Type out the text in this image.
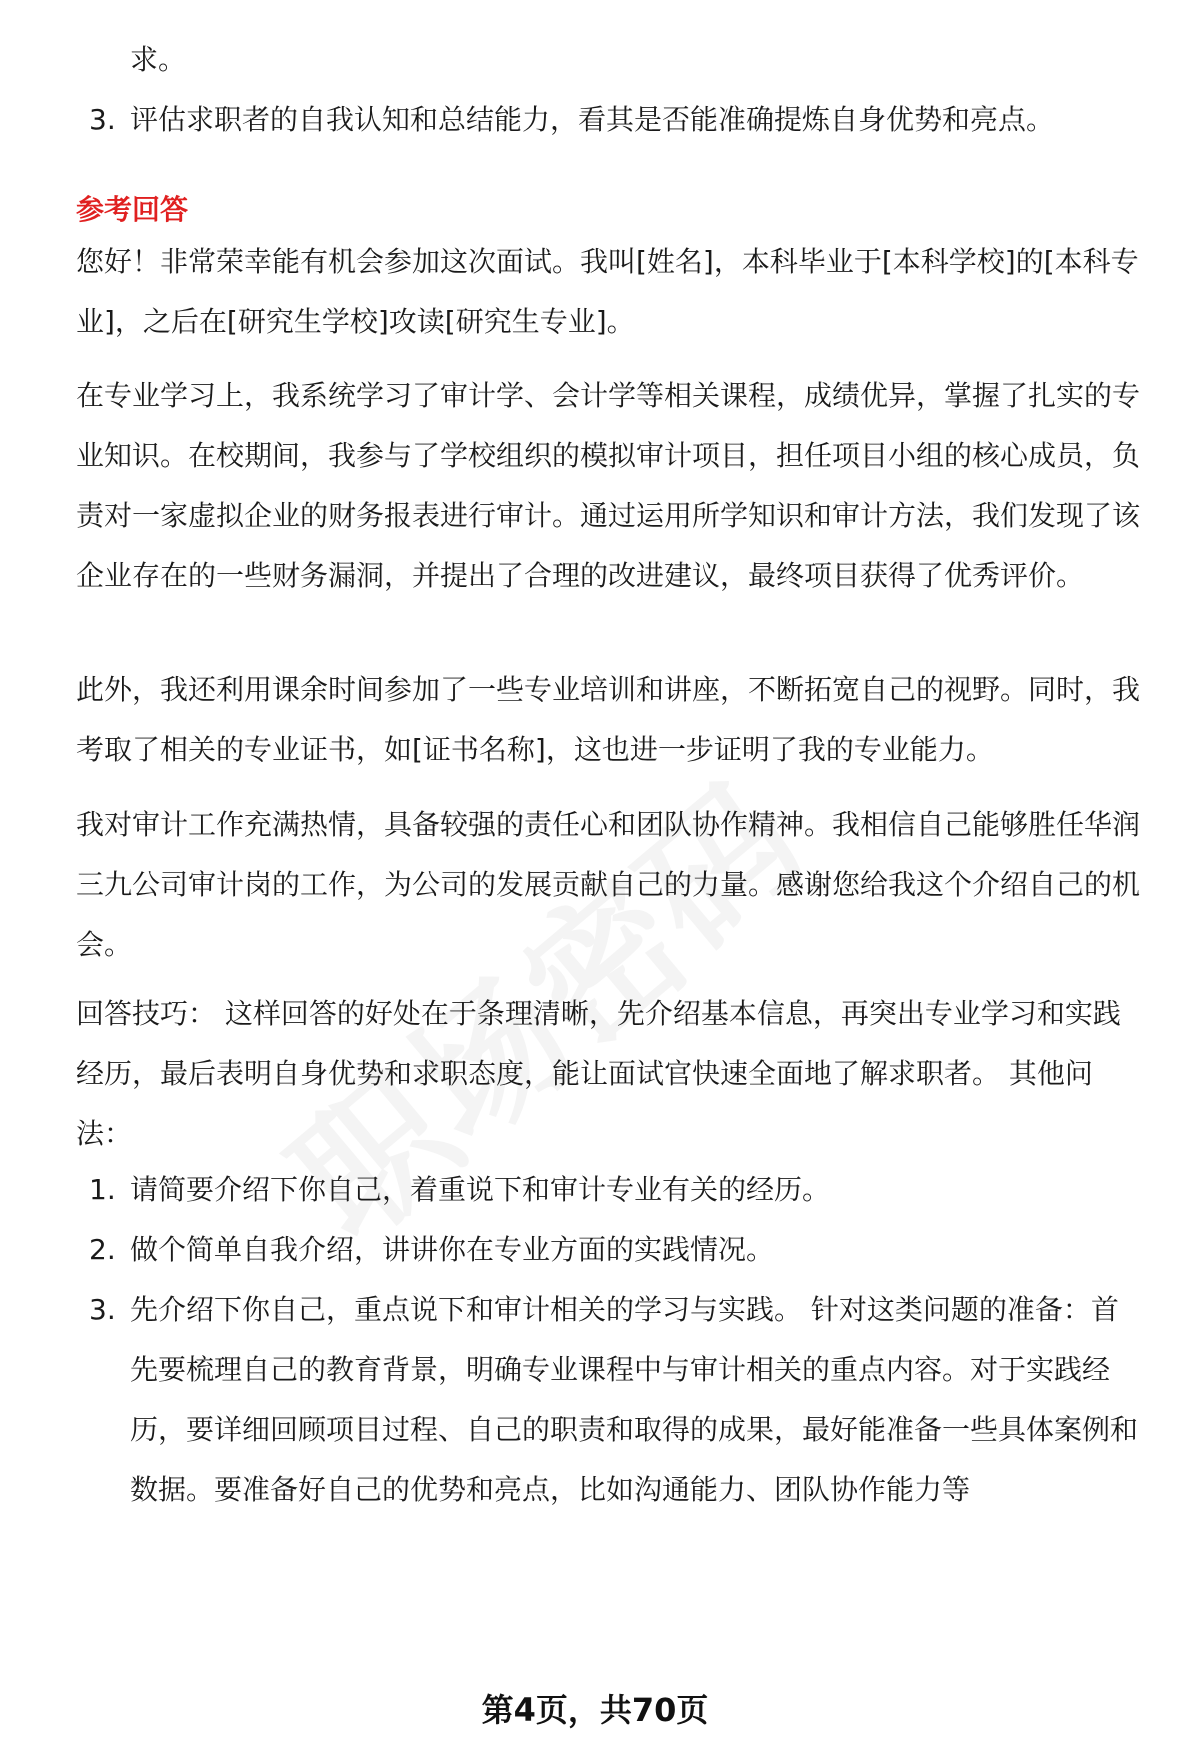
求。
3. 评估求职者的自我认知和总结能力，看其是否能准确提炼自身优势和亮点。
参考回答

您好！非常荣幸能有机会参加这次面试。我叫[姓名]，本科毕业于[本科学校]的[本科专业]，之后在[研究生学校]攻读[研究生专业]。

在专业学习上，我系统学习了审计学、会计学等相关课程，成绩优异，掌握了扎实的专业知识。在校期间，我参与了学校组织的模拟审计项目，担任项目小组的核心成员，负责对一家虚拟企业的财务报表进行审计。通过运用所学知识和审计方法，我们发现了该企业存在的一些财务漏洞，并提出了合理的改进建议，最终项目获得了优秀评价。

此外，我还利用课余时间参加了一些专业培训和讲座，不断拓宽自己的视野。同时，我考取了相关的专业证书，如[证书名称]，这也进一步证明了我的专业能力。

我对审计工作充满热情，具备较强的责任心和团队协作精神。我相信自己能够胜任华润三九公司审计岗的工作，为公司的发展贡献自己的力量。感谢您给我这个介绍自己的机会。

回答技巧： 这样回答的好处在于条理清晰，先介绍基本信息，再突出专业学习和实践经历，最后表明自身优势和求职态度，能让面试官快速全面地了解求职者。 其他问法：

1. 请简要介绍下你自己，着重说下和审计专业有关的经历。
2. 做个简单自我介绍，讲讲你在专业方面的实践情况。
3. 先介绍下你自己，重点说下和审计相关的学习与实践。 针对这类问题的准备：首先要梳理自己的教育背景，明确专业课程中与审计相关的重点内容。对于实践经历，要详细回顾项目过程、自己的职责和取得的成果，最好能准备一些具体案例和数据。要准备好自己的优势和亮点，比如沟通能力、团队协作能力等
第4页，共70页
